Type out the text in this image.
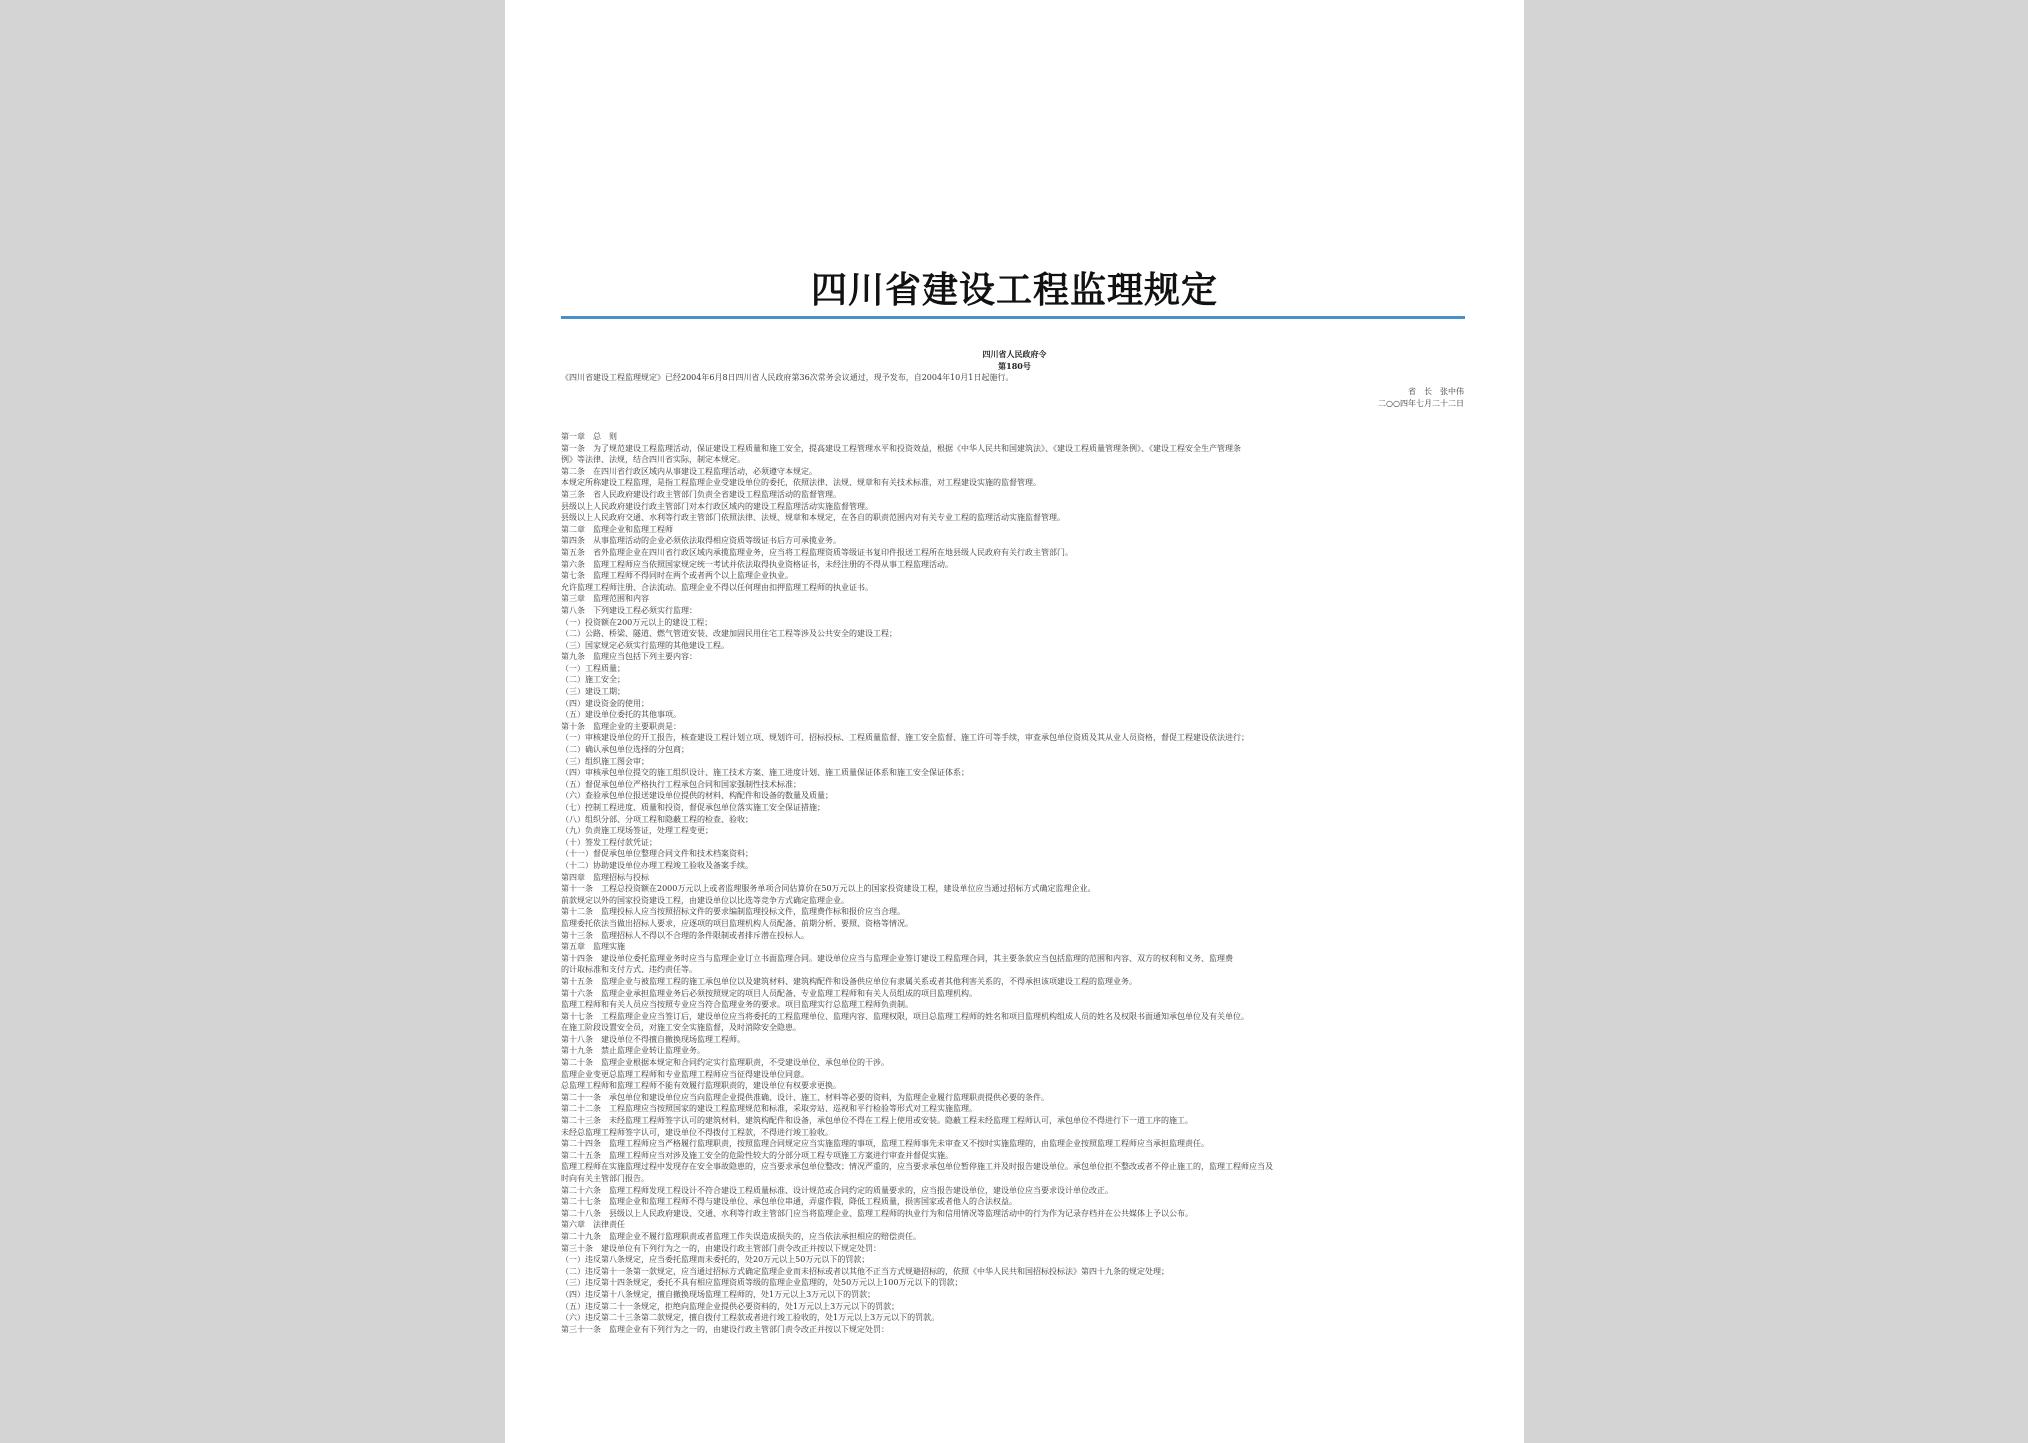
四川省建设工程监理规定
四川省人民政府令
第180号
《四川省建设工程监理规定》已经2004年6月8日四川省人民政府第36次常务会议通过，现予发布，自2004年10月1日起施行。
省　长　张中伟
二○○四年七月二十二日
第一章　总　则
第一条　为了规范建设工程监理活动，保证建设工程质量和施工安全，提高建设工程管理水平和投资效益，根据《中华人民共和国建筑法》、《建设工程质量管理条例》、《建设工程安全生产管理条
例》等法律、法规，结合四川省实际，制定本规定。
第二条　在四川省行政区域内从事建设工程监理活动，必须遵守本规定。
本规定所称建设工程监理，是指工程监理企业受建设单位的委托，依照法律、法规、规章和有关技术标准，对工程建设实施的监督管理。
第三条　省人民政府建设行政主管部门负责全省建设工程监理活动的监督管理。
县级以上人民政府建设行政主管部门对本行政区域内的建设工程监理活动实施监督管理。
县级以上人民政府交通、水利等行政主管部门依照法律、法规、规章和本规定，在各自的职责范围内对有关专业工程的监理活动实施监督管理。
第二章　监理企业和监理工程师
第四条　从事监理活动的企业必须依法取得相应资质等级证书后方可承揽业务。
第五条　省外监理企业在四川省行政区域内承揽监理业务，应当将工程监理资质等级证书复印件报送工程所在地县级人民政府有关行政主管部门。
第六条　监理工程师应当依照国家规定统一考试并依法取得执业资格证书，未经注册的不得从事工程监理活动。
第七条　监理工程师不得同时在两个或者两个以上监理企业执业。
允许监理工程师注册、合法流动。监理企业不得以任何理由扣押监理工程师的执业证书。
第三章　监理范围和内容
第八条　下列建设工程必须实行监理：
（一）投资额在200万元以上的建设工程；
（二）公路、桥梁、隧道、燃气管道安装、改建加固民用住宅工程等涉及公共安全的建设工程；
（三）国家规定必须实行监理的其他建设工程。
第九条　监理应当包括下列主要内容：
（一）工程质量；
（二）施工安全；
（三）建设工期；
（四）建设资金的使用；
（五）建设单位委托的其他事项。
第十条　监理企业的主要职责是：
（一）审核建设单位的开工报告，核查建设工程计划立项、规划许可、招标投标、工程质量监督、施工安全监督、施工许可等手续，审查承包单位资质及其从业人员资格，督促工程建设依法进行；
（二）确认承包单位选择的分包商；
（三）组织施工图会审；
（四）审核承包单位提交的施工组织设计、施工技术方案、施工进度计划、施工质量保证体系和施工安全保证体系；
（五）督促承包单位严格执行工程承包合同和国家强制性技术标准；
（六）查验承包单位报送建设单位提供的材料、构配件和设备的数量及质量；
（七）控制工程进度、质量和投资，督促承包单位落实施工安全保证措施；
（八）组织分部、分项工程和隐蔽工程的检查、验收；
（九）负责施工现场签证，处理工程变更；
（十）签发工程付款凭证；
（十一）督促承包单位整理合同文件和技术档案资料；
（十二）协助建设单位办理工程竣工验收及备案手续。
第四章　监理招标与投标
第十一条　工程总投资额在2000万元以上或者监理服务单项合同估算价在50万元以上的国家投资建设工程，建设单位应当通过招标方式确定监理企业。
前款规定以外的国家投资建设工程，由建设单位以比选等竞争方式确定监理企业。
第十二条　监理投标人应当按照招标文件的要求编制监理投标文件，监理费作标和报价应当合理。
监理委托依法当做出招标人要求，应逐项的项目监理机构人员配备、前期分析、要照、资格等情况。
第十三条　监理招标人不得以不合理的条件限制或者排斥潜在投标人。
第五章　监理实施
第十四条　建设单位委托监理业务时应当与监理企业订立书面监理合同。建设单位应当与监理企业签订建设工程监理合同，其主要条款应当包括监理的范围和内容、双方的权利和义务、监理费
的计取标准和支付方式、违约责任等。
第十五条　监理企业与被监理工程的施工承包单位以及建筑材料、建筑构配件和设备供应单位有隶属关系或者其他利害关系的，不得承担该项建设工程的监理业务。
第十六条　监理企业承担监理业务后必须按照规定的项目人员配备、专业监理工程师和有关人员组成的项目监理机构。
监理工程师和有关人员应当按照专业应当符合监理业务的要求。项目监理实行总监理工程师负责制。
第十七条　工程监理企业应当签订后，建设单位应当将委托的工程监理单位、监理内容、监理权限，项目总监理工程师的姓名和项目监理机构组成人员的姓名及权限书面通知承包单位及有关单位。
在施工阶段设置安全员，对施工安全实施监督，及时消除安全隐患。
第十八条　建设单位不得擅自撤换现场监理工程师。
第十九条　禁止监理企业转让监理业务。
第二十条　监理企业根据本规定和合同约定实行监理职责，不受建设单位、承包单位的干涉。
监理企业变更总监理工程师和专业监理工程师应当征得建设单位同意。
总监理工程师和监理工程师不能有效履行监理职责的，建设单位有权要求更换。
第二十一条　承包单位和建设单位应当向监理企业提供准确、设计、施工、材料等必要的资料，为监理企业履行监理职责提供必要的条件。
第二十二条　工程监理应当按照国家的建设工程监理规范和标准，采取旁站、巡视和平行检验等形式对工程实施监理。
第二十三条　未经监理工程师签字认可的建筑材料、建筑构配件和设备，承包单位不得在工程上使用或安装。隐蔽工程未经监理工程师认可，承包单位不得进行下一道工序的施工。
未经总监理工程师签字认可，建设单位不得拨付工程款，不得进行竣工验收。
第二十四条　监理工程师应当严格履行监理职责，按照监理合同规定应当实施监理的事项，监理工程师事先未审查又不按时实施监理的，由监理企业按照监理工程师应当承担监理责任。
第二十五条　监理工程师应当对涉及施工安全的危险性较大的分部分项工程专项施工方案进行审查并督促实施。
监理工程师在实施监理过程中发现存在安全事故隐患的，应当要求承包单位整改；情况严重的，应当要求承包单位暂停施工并及时报告建设单位。承包单位拒不整改或者不停止施工的，监理工程师应当及
时向有关主管部门报告。
第二十六条　监理工程师发现工程设计不符合建设工程质量标准、设计规范或合同约定的质量要求的，应当报告建设单位，建设单位应当要求设计单位改正。
第二十七条　监理企业和监理工程师不得与建设单位、承包单位串通，弄虚作假，降低工程质量，损害国家或者他人的合法权益。
第二十八条　县级以上人民政府建设、交通、水利等行政主管部门应当将监理企业、监理工程师的执业行为和信用情况等监理活动中的行为作为记录存档并在公共媒体上予以公布。
第六章　法律责任
第二十九条　监理企业不履行监理职责或者监理工作失误造成损失的，应当依法承担相应的赔偿责任。
第三十条　建设单位有下列行为之一的，由建设行政主管部门责令改正并按以下规定处罚：
（一）违反第八条规定，应当委托监理而未委托的，处20万元以上50万元以下的罚款；
（二）违反第十一条第一款规定，应当通过招标方式确定监理企业而未招标或者以其他不正当方式规避招标的，依照《中华人民共和国招标投标法》第四十九条的规定处理；
（三）违反第十四条规定，委托不具有相应监理资质等级的监理企业监理的，处50万元以上100万元以下的罚款；
（四）违反第十八条规定，擅自撤换现场监理工程师的，处1万元以上3万元以下的罚款；
（五）违反第二十一条规定，拒绝向监理企业提供必要资料的，处1万元以上3万元以下的罚款；
（六）违反第二十三条第二款规定，擅自拨付工程款或者进行竣工验收的，处1万元以上3万元以下的罚款。
第三十一条　监理企业有下列行为之一的，由建设行政主管部门责令改正并按以下规定处罚：
